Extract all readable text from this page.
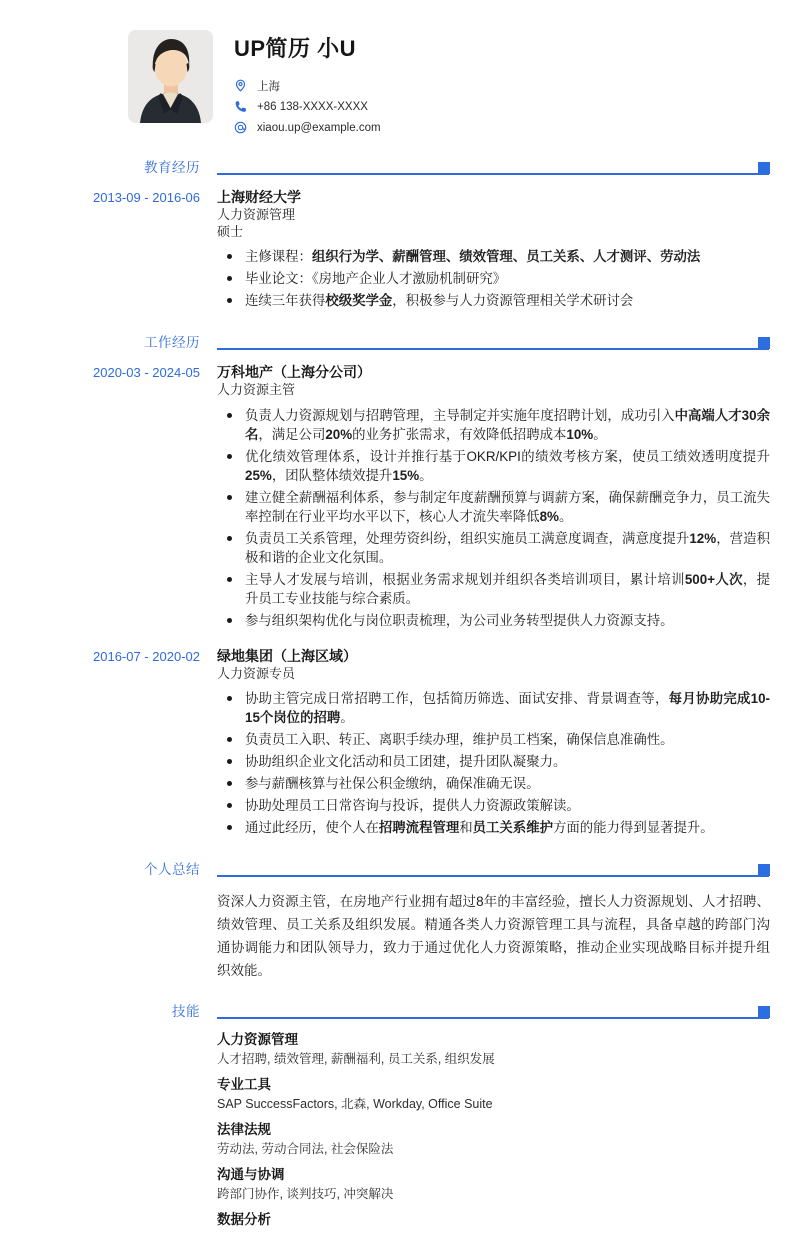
UP简历 小U
上海
+86 138-XXXX-XXXX
xiaou.up@example.com
教育经历
2013-09 - 2016-06 上海财经大学
人力资源管理
硕士
主修课程：组织行为学、薪酬管理、绩效管理、员工关系、人才测评、劳动法
毕业论文：《房地产企业人才激励机制研究》
连续三年获得校级奖学金，积极参与人力资源管理相关学术研讨会
工作经历
2020-03 - 2024-05 万科地产（上海分公司）
人力资源主管
负责人力资源规划与招聘管理，主导制定并实施年度招聘计划，成功引入中高端人才30余名，满足公司20%的业务扩张需求，有效降低招聘成本10%。
优化绩效管理体系，设计并推行基于OKR/KPI的绩效考核方案，使员工绩效透明度提升25%，团队整体绩效提升15%。
建立健全薪酬福利体系，参与制定年度薪酬预算与调薪方案，确保薪酬竞争力，员工流失率控制在行业平均水平以下，核心人才流失率降低8%。
负责员工关系管理，处理劳资纠纷，组织实施员工满意度调查，满意度提升12%，营造积极和谐的企业文化氛围。
主导人才发展与培训，根据业务需求规划并组织各类培训项目，累计培训500+人次，提升员工专业技能与综合素质。
参与组织架构优化与岗位职责梳理，为公司业务转型提供人力资源支持。
2016-07 - 2020-02 绿地集团（上海区域）
人力资源专员
协助主管完成日常招聘工作，包括简历筛选、面试安排、背景调查等，每月协助完成10-15个岗位的招聘。
负责员工入职、转正、离职手续办理，维护员工档案，确保信息准确性。
协助组织企业文化活动和员工团建，提升团队凝聚力。
参与薪酬核算与社保公积金缴纳，确保准确无误。
协助处理员工日常咨询与投诉，提供人力资源政策解读。
通过此经历，使个人在招聘流程管理和员工关系维护方面的能力得到显著提升。
个人总结
资深人力资源主管，在房地产行业拥有超过8年的丰富经验，擅长人力资源规划、人才招聘、绩效管理、员工关系及组织发展。精通各类人力资源管理工具与流程，具备卓越的跨部门沟通协调能力和团队领导力，致力于通过优化人力资源策略，推动企业实现战略目标并提升组织效能。
技能
人力资源管理
人才招聘, 绩效管理, 薪酬福利, 员工关系, 组织发展
专业工具
SAP SuccessFactors, 北森, Workday, Office Suite
法律法规
劳动法, 劳动合同法, 社会保险法
沟通与协调
跨部门协作, 谈判技巧, 冲突解决
数据分析
